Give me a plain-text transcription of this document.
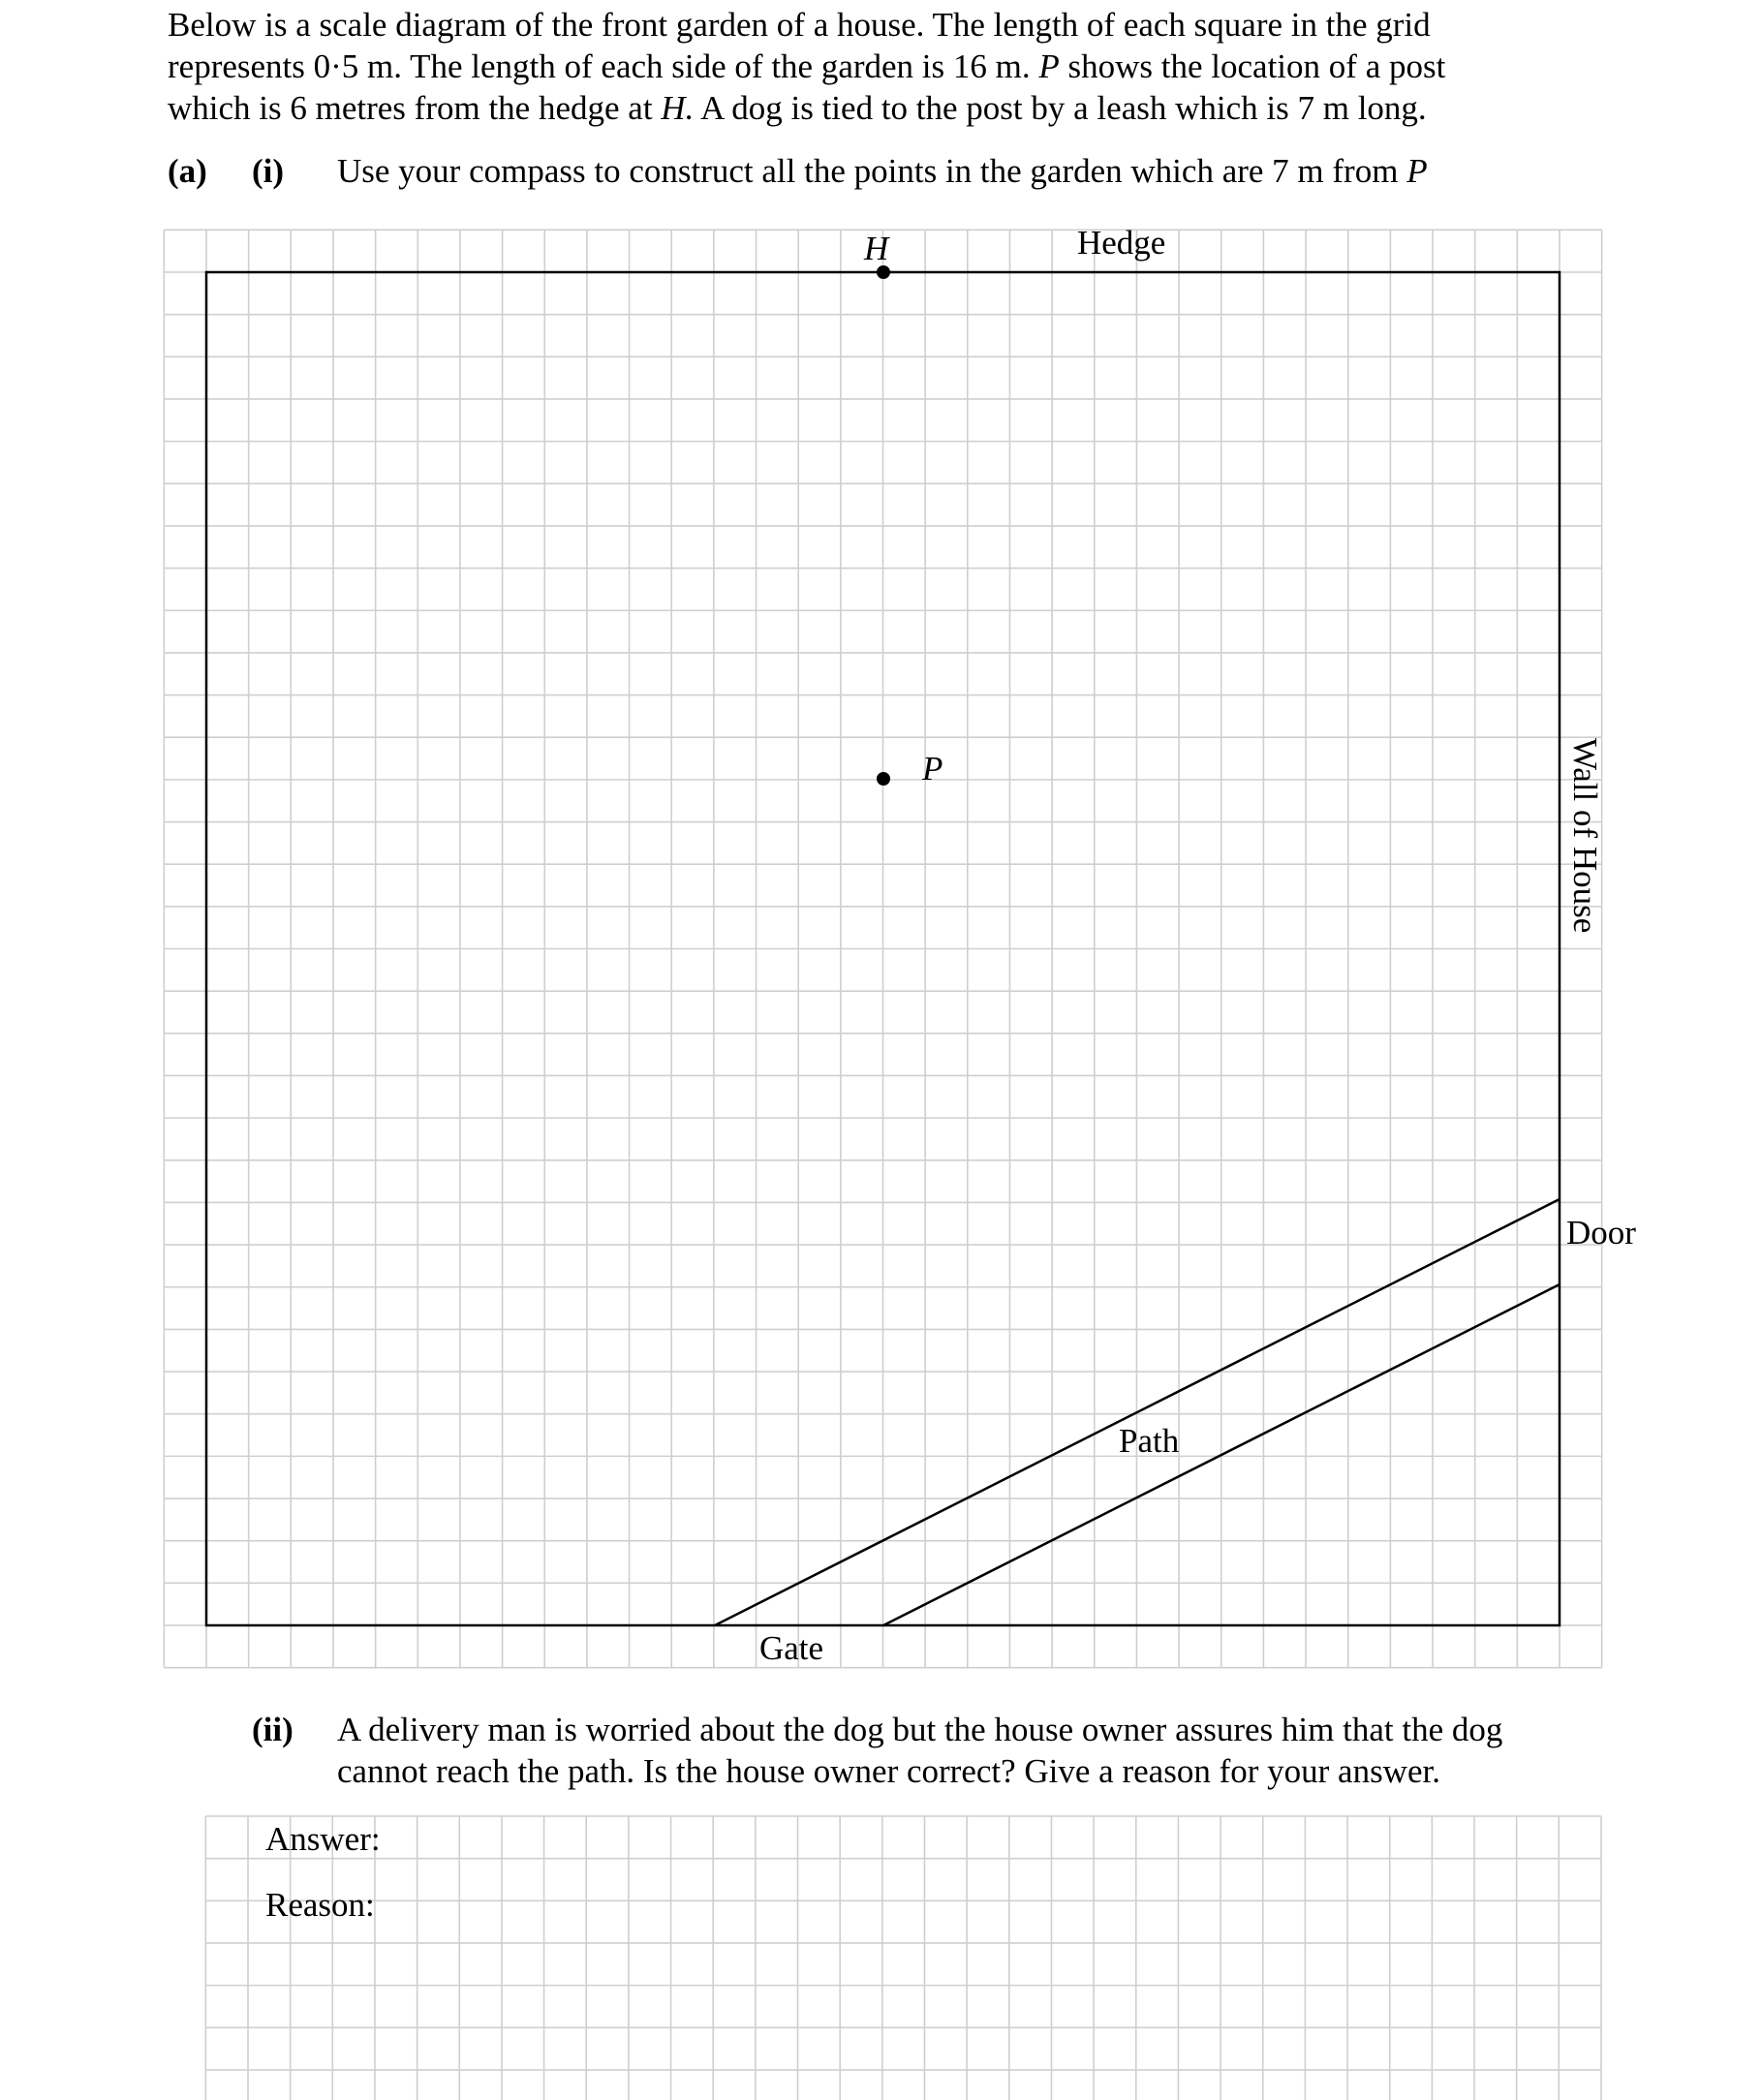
Below is a scale diagram of the front garden of a house. The length of each square in the grid
represents 0·5 m. The length of each side of the garden is 16 m. P shows the location of a post
which is 6 metres from the hedge at H. A dog is tied to the post by a leash which is 7 m long.
(a) (i) Use your compass to construct all the points in the garden which are 7 m from P
H	Hedge
P	Wall of House
Door
Path
Gate
(ii) A delivery man is worried about the dog but the house owner assures him that the dog
cannot reach the path. Is the house owner correct? Give a reason for your answer.
Answer:
Reason:
